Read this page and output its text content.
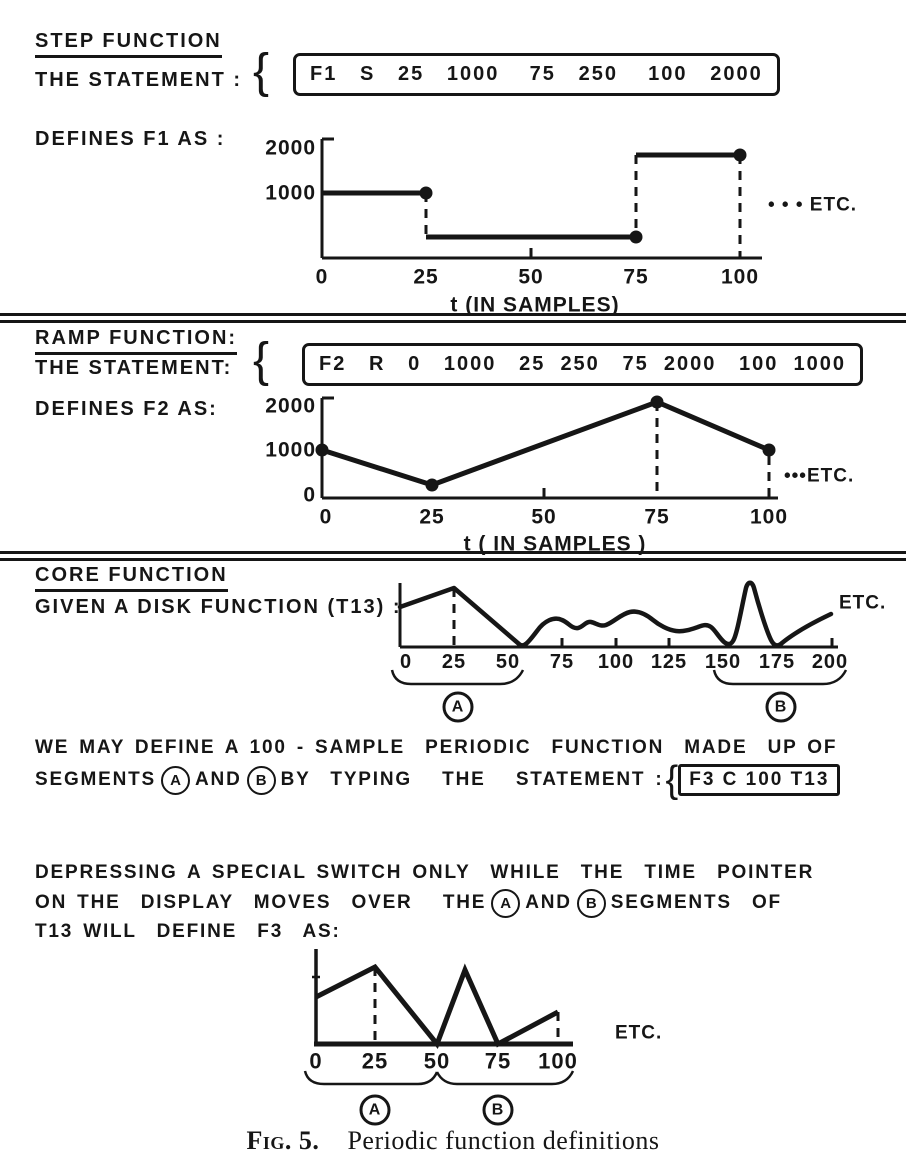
STEP FUNCTION
THE STATEMENT : {	F1   S   25   1000    75   250    100   2000
DEFINES F1 AS : 2000
1000
0	25	50	75	100
• • • ETC.
t (IN SAMPLES)
RAMP FUNCTION:
THE STATEMENT: {	F2   R   0   1000   25  250   75  2000   100  1000
DEFINES F2 AS: 2000
1000
0
0	25	50	75	100
•••ETC.
t ( IN SAMPLES )
CORE FUNCTION
GIVEN A DISK FUNCTION (T13) :
A	B
0 25 50 75 100 125 150 175 200
ETC.
WE MAY DEFINE A 100 - SAMPLE  PERIODIC  FUNCTION  MADE  UP OF
SEGMENTS A AND B BY  TYPING   THE   STATEMENT : { F3 C 100 T13
DEPRESSING A SPECIAL SWITCH ONLY  WHILE  THE  TIME  POINTER
ON THE  DISPLAY  MOVES  OVER   THE A AND B SEGMENTS  OF
T13 WILL  DEFINE  F3  AS:
A	B
0 25 50 75 100
ETC.
Fig. 5. Periodic function definitions
